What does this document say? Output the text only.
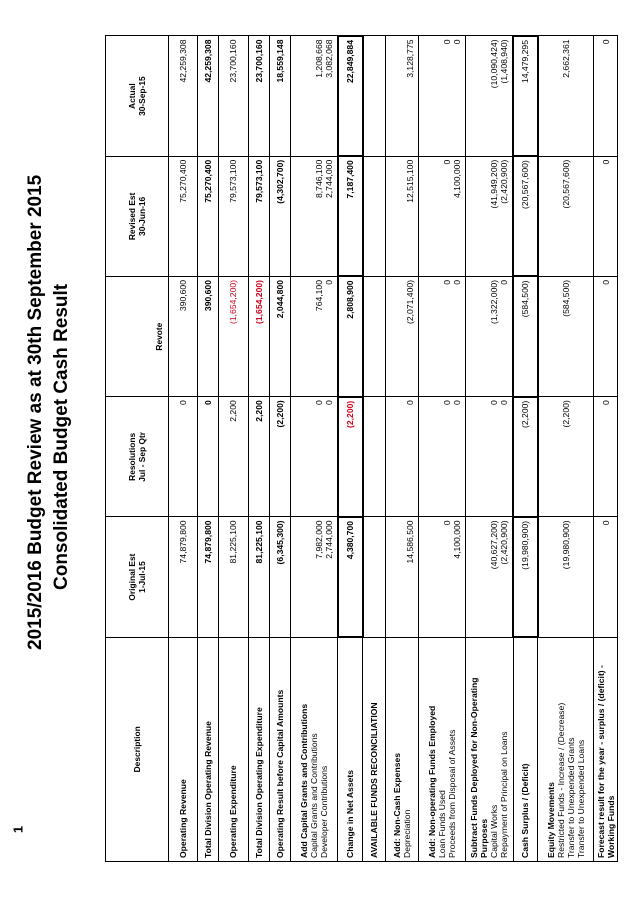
2015/2016 Budget Review as at 30th September 2015 Consolidated Budget Cash Result
1
Description	Original Est 1-Jul-15	Resolutions Jul - Sep Qtr	Revote	Revised Est 30-Jun-16	Actual 30-Sep-15

Operating Revenue	74,879,800	0	390,600	75,270,400	42,259,308
Total Division Operating Revenue	74,879,800	0	390,600	75,270,400	42,259,308
Operating Expenditure	81,225,100	2,200	(1,654,200)	79,573,100	23,700,160
Total Division Operating Expenditure	81,225,100	2,200	(1,654,200)	79,573,100	23,700,160
Operating Result before Capital Amounts	(6,345,300)	(2,200)	2,044,800	(4,302,700)	18,559,148

Add Capital Grants and Contributions Capital Grants and Contributions Developer Contributions	7,982,000 2,744,000	0 0	764,100 0	8,746,100 2,744,000	1,208,668 3,082,068

Change in Net Assets	4,380,700	(2,200)	2,808,900	7,187,400	22,849,884
AVAILABLE FUNDS RECONCILIATION					

Add: Non-Cash Expenses Depreciation	14,586,500	0	(2,071,400)	12,515,100	3,128,775

Add: Non-operating Funds Employed Loan Funds Used Proceeds from Disposal of Assets	0 4,100,000	0 0	0 0	0 4,100,000	0 0

Subtract Funds Deployed for Non-Operating Purposes Capital Works Repayment of Principal on Loans	(40,627,200) (2,420,900)	0 0	(1,322,000) 0	(41,949,200) (2,420,900)	(10,090,424) (1,408,940)

Cash Surplus / (Deficit)	(19,980,900)	(2,200)	(584,500)	(20,567,600)	14,479,295

Equity Movements Restricted Funds - Increase / (Decrease) Transfer to Unexpended Grants Transfer to Unexpended Loans	(19,980,900)	(2,200)	(584,500)	(20,567,600)	2,662,361
Forecast result for the year - surplus / (deficit) - Working Funds	0	0	0	0	0
